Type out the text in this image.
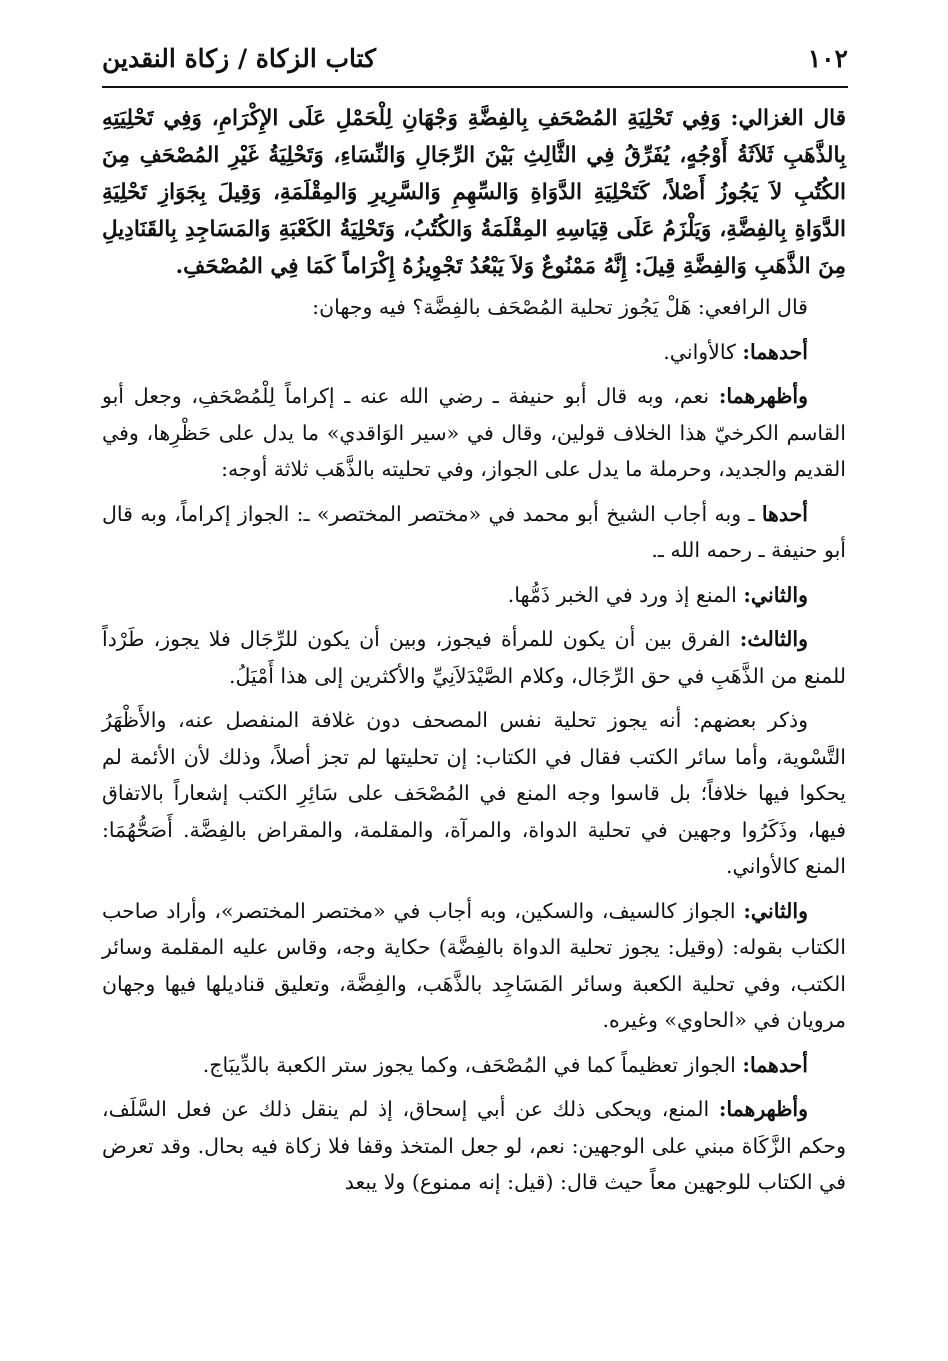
١٠٢
كتاب الزكاة / زكاة النقدين

قال الغزالي: وَفِي تَحْلِيَةِ المُصْحَفِ بِالفِضَّةِ وَجْهَانِ لِلْحَمْلِ عَلَى الإِكْرَامِ، وَفِي تَحْلِيَتِهِ بِالذَّهَبِ ثَلاَثَةُ أَوْجُهٍ، يُفَرِّقُ فِي الثَّالِثِ بَيْنَ الرِّجَالِ وَالنِّسَاءِ، وَتَحْلِيَةُ غَيْرِ المُصْحَفِ مِنَ الكُتُبِ لاَ يَجُوزُ أَصْلاً، كَتَحْلِيَةِ الدَّوَاةِ وَالسِّهِمِ وَالسَّرِيرِ وَالمِقْلَمَةِ، وَقِيلَ بِجَوَازِ تَحْلِيَةِ الدَّوَاةِ بِالفِضَّةِ، وَيَلْزَمُ عَلَى قِيَاسِهِ المِقْلَمَةُ وَالكُتُبُ، وَتَحْلِيَةُ الكَعْبَةِ وَالمَسَاجِدِ بِالقَنَادِيلِ مِنَ الذَّهَبِ وَالفِضَّةِ قِيلَ: إِنَّهُ مَمْنُوعٌ وَلاَ يَبْعُدُ تَجْوِيزُهُ إِكْرَاماً كَمَا فِي المُصْحَفِ.

قال الرافعي: هَلْ يَجُوز تحلية المُصْحَف بالفِضَّة؟ فيه وجهان:

أحدهما: كالأواني.

وأظهرهما: نعم، وبه قال أبو حنيفة ـ رضي الله عنه ـ إكراماً لِلْمُصْحَفِ، وجعل أبو القاسم الكرخيّ هذا الخلاف قولين، وقال في «سير الوَاقدي» ما يدل على حَظْرِها، وفي القديم والجديد، وحرملة ما يدل على الجواز، وفي تحليته بالذَّهَب ثلاثة أوجه:

أحدها ـ وبه أجاب الشيخ أبو محمد في «مختصر المختصر» ـ: الجواز إكراماً، وبه قال أبو حنيفة ـ رحمه الله ـ.

والثاني: المنع إذ ورد في الخبر ذَمُّها.

والثالث: الفرق بين أن يكون للمرأة فيجوز، وبين أن يكون للرِّجَال فلا يجوز، طَرْداً للمنع من الذَّهَبِ في حق الرِّجَال، وكلام الصَّيْدَلاَنِيِّ والأكثرين إلى هذا أَمْيَلُ.

وذكر بعضهم: أنه يجوز تحلية نفس المصحف دون غلافة المنفصل عنه، والأَظْهَرُ التَّسْوية، وأما سائر الكتب فقال في الكتاب: إن تحليتها لم تجز أصلاً، وذلك لأن الأئمة لم يحكوا فيها خلافاً؛ بل قاسوا وجه المنع في المُصْحَف على سَائِرِ الكتب إشعاراً بالاتفاق فيها، وذَكَرُوا وجهين في تحلية الدواة، والمرآة، والمقلمة، والمقراض بالفِضَّة. أَصَحُّهُمَا: المنع كالأواني.

والثاني: الجواز كالسيف، والسكين، وبه أجاب في «مختصر المختصر»، وأراد صاحب الكتاب بقوله: (وقيل: يجوز تحلية الدواة بالفِضَّة) حكاية وجه، وقاس عليه المقلمة وسائر الكتب، وفي تحلية الكعبة وسائر المَسَاجِد بالذَّهَب، والفِضَّة، وتعليق قناديلها فيها وجهان مرويان في «الحاوي» وغيره.

أحدهما: الجواز تعظيماً كما في المُصْحَف، وكما يجوز ستر الكعبة بالدِّيبَاج.

وأظهرهما: المنع، ويحكى ذلك عن أبي إسحاق، إذ لم ينقل ذلك عن فعل السَّلَف، وحكم الزَّكَاة مبني على الوجهين: نعم، لو جعل المتخذ وقفا فلا زكاة فيه بحال. وقد تعرض في الكتاب للوجهين معاً حيث قال: (قيل: إنه ممنوع) ولا يبعد
